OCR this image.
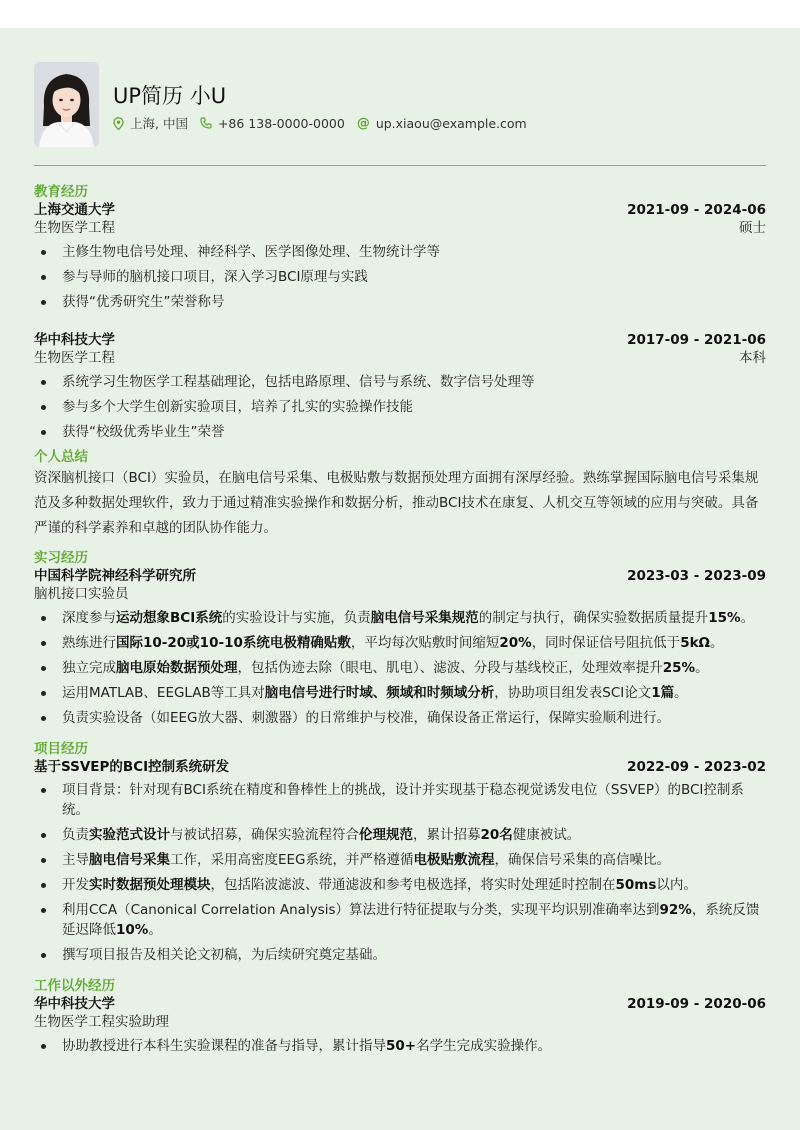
UP简历 小U
上海, 中国 +86 138-0000-0000 @ up.xiaou@example.com
教育经历
上海交通大学	2021-09 - 2024-06
生物医学工程	硕士
主修生物电信号处理、神经科学、医学图像处理、生物统计学等
参与导师的脑机接口项目，深入学习BCI原理与实践
获得“优秀研究生”荣誉称号
华中科技大学	2017-09 - 2021-06
生物医学工程	本科
系统学习生物医学工程基础理论，包括电路原理、信号与系统、数字信号处理等
参与多个大学生创新实验项目，培养了扎实的实验操作技能
获得“校级优秀毕业生”荣誉
个人总结
资深脑机接口（BCI）实验员，在脑电信号采集、电极贴敷与数据预处理方面拥有深厚经验。熟练掌握国际脑电信号采集规范及多种数据处理软件，致力于通过精准实验操作和数据分析，推动BCI技术在康复、人机交互等领域的应用与突破。具备严谨的科学素养和卓越的团队协作能力。
实习经历
中国科学院神经科学研究所	2023-03 - 2023-09
脑机接口实验员
深度参与运动想象BCI系统的实验设计与实施，负责脑电信号采集规范的制定与执行，确保实验数据质量提升15%。
熟练进行国际10-20或10-10系统电极精确贴敷，平均每次贴敷时间缩短20%，同时保证信号阻抗低于5kΩ。
独立完成脑电原始数据预处理，包括伪迹去除（眼电、肌电）、滤波、分段与基线校正，处理效率提升25%。
运用MATLAB、EEGLAB等工具对脑电信号进行时域、频域和时频域分析，协助项目组发表SCI论文1篇。
负责实验设备（如EEG放大器、刺激器）的日常维护与校准，确保设备正常运行，保障实验顺利进行。
项目经历
基于SSVEP的BCI控制系统研发	2022-09 - 2023-02
项目背景：针对现有BCI系统在精度和鲁棒性上的挑战，设计并实现基于稳态视觉诱发电位（SSVEP）的BCI控制系统。
负责实验范式设计与被试招募，确保实验流程符合伦理规范，累计招募20名健康被试。
主导脑电信号采集工作，采用高密度EEG系统，并严格遵循电极贴敷流程，确保信号采集的高信噪比。
开发实时数据预处理模块，包括陷波滤波、带通滤波和参考电极选择，将实时处理延时控制在50ms以内。
利用CCA（Canonical Correlation Analysis）算法进行特征提取与分类，实现平均识别准确率达到92%，系统反馈延迟降低10%。
撰写项目报告及相关论文初稿，为后续研究奠定基础。
工作以外经历
华中科技大学	2019-09 - 2020-06
生物医学工程实验助理
协助教授进行本科生实验课程的准备与指导，累计指导50+名学生完成实验操作。
